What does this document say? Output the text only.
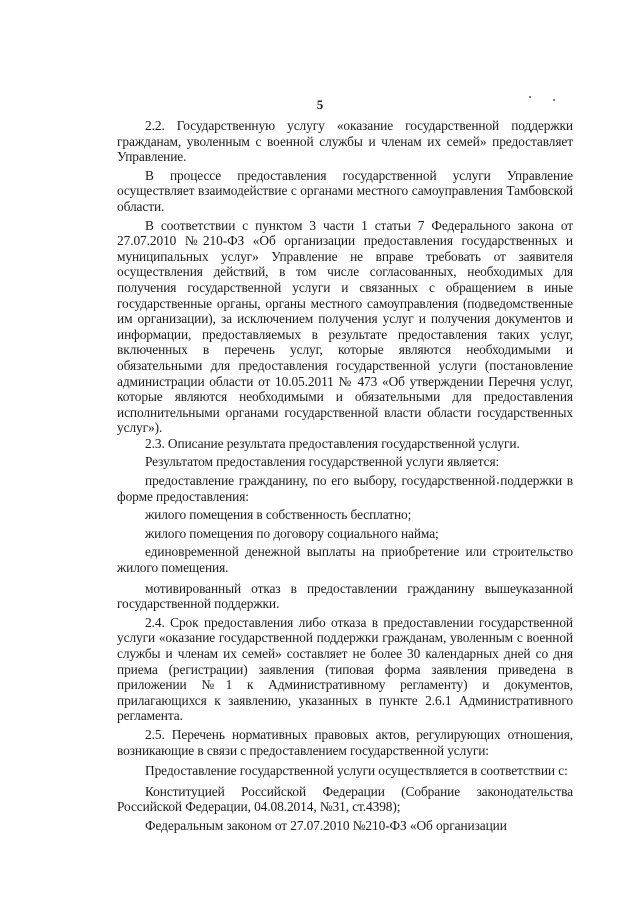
5

2.2. Государственную услугу «оказание государственной поддержки гражданам, уволенным с военной службы и членам их семей» предоставляет Управление.

В процессе предоставления государственной услуги Управление осуществляет взаимодействие с органами местного самоуправления Тамбовской области.

В соответствии с пунктом 3 части 1 статьи 7 Федерального закона от 27.07.2010 №210-ФЗ «Об организации предоставления государственных и муниципальных услуг» Управление не вправе требовать от заявителя осуществления действий, в том числе согласованных, необходимых для получения государственной услуги и связанных с обращением в иные государственные органы, органы местного самоуправления (подведомственные им организации), за исключением получения услуг и получения документов и информации, предоставляемых в результате предоставления таких услуг, включенных в перечень услуг, которые являются необходимыми и обязательными для предоставления государственной услуги (постановление администрации области от 10.05.2011 № 473 «Об утверждении Перечня услуг, которые являются необходимыми и обязательными для предоставления исполнительными органами государственной власти области государственных услуг»).

2.3. Описание результата предоставления государственной услуги.

Результатом предоставления государственной услуги является:

предоставление гражданину, по его выбору, государственной поддержки в форме предоставления:

жилого помещения в собственность бесплатно;

жилого помещения по договору социального найма;

единовременной денежной выплаты на приобретение или строительство жилого помещения.

мотивированный отказ в предоставлении гражданину вышеуказанной государственной поддержки.

2.4. Срок предоставления либо отказа в предоставлении государственной услуги «оказание государственной поддержки гражданам, уволенным с военной службы и членам их семей» составляет не более 30 календарных дней со дня приема (регистрации) заявления (типовая форма заявления приведена в приложении №1 к Административному регламенту) и документов, прилагающихся к заявлению, указанных в пункте 2.6.1 Административного регламента.

2.5. Перечень нормативных правовых актов, регулирующих отношения, возникающие в связи с предоставлением государственной услуги:

Предоставление государственной услуги осуществляется в соответствии с:

Конституцией Российской Федерации (Собрание законодательства Российской Федерации, 04.08.2014, №31, ст.4398);

Федеральным законом от 27.07.2010 №210-ФЗ «Об организации
